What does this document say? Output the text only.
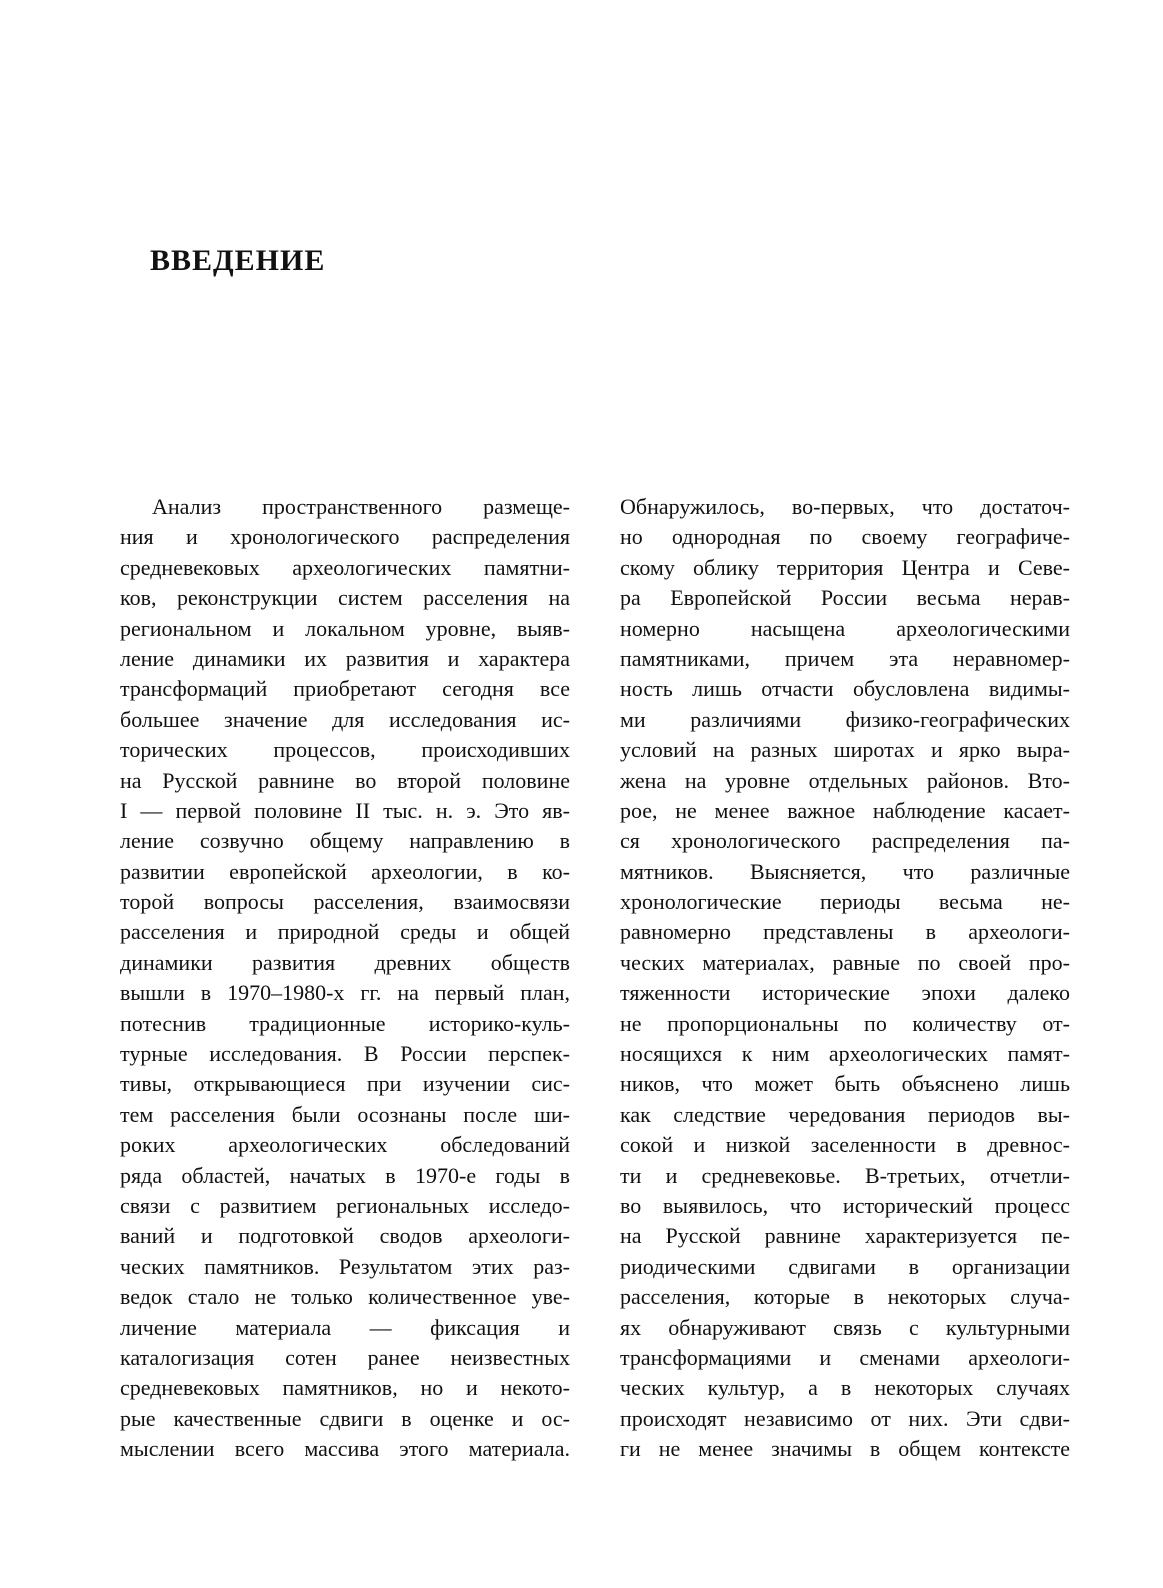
ВВЕДЕНИЕ
Анализ пространственного размеще-
ния и хронологического распределения
средневековых археологических памятни-
ков, реконструкции систем расселения на
региональном и локальном уровне, выяв-
ление динамики их развития и характера
трансформаций приобретают сегодня все
большее значение для исследования ис-
торических процессов, происходивших
на Русской равнине во второй половине
I — первой половине II тыс. н. э. Это яв-
ление созвучно общему направлению в
развитии европейской археологии, в ко-
торой вопросы расселения, взаимосвязи
расселения и природной среды и общей
динамики развития древних обществ
вышли в 1970–1980-х гг. на первый план,
потеснив традиционные историко-куль-
турные исследования. В России перспек-
тивы, открывающиеся при изучении сис-
тем расселения были осознаны после ши-
роких археологических обследований
ряда областей, начатых в 1970-е годы в
связи с развитием региональных исследо-
ваний и подготовкой сводов археологи-
ческих памятников. Результатом этих раз-
ведок стало не только количественное уве-
личение материала — фиксация и
каталогизация сотен ранее неизвестных
средневековых памятников, но и некото-
рые качественные сдвиги в оценке и ос-
мыслении всего массива этого материала.
Обнаружилось, во-первых, что достаточ-
но однородная по своему географиче-
скому облику территория Центра и Севе-
ра Европейской России весьма нерав-
номерно насыщена археологическими
памятниками, причем эта неравномер-
ность лишь отчасти обусловлена видимы-
ми различиями физико-географических
условий на разных широтах и ярко выра-
жена на уровне отдельных районов. Вто-
рое, не менее важное наблюдение касает-
ся хронологического распределения па-
мятников. Выясняется, что различные
хронологические периоды весьма не-
равномерно представлены в археологи-
ческих материалах, равные по своей про-
тяженности исторические эпохи далеко
не пропорциональны по количеству от-
носящихся к ним археологических памят-
ников, что может быть объяснено лишь
как следствие чередования периодов вы-
сокой и низкой заселенности в древнос-
ти и средневековье. В-третьих, отчетли-
во выявилось, что исторический процесс
на Русской равнине характеризуется пе-
риодическими сдвигами в организации
расселения, которые в некоторых случа-
ях обнаруживают связь с культурными
трансформациями и сменами археологи-
ческих культур, а в некоторых случаях
происходят независимо от них. Эти сдви-
ги не менее значимы в общем контексте
